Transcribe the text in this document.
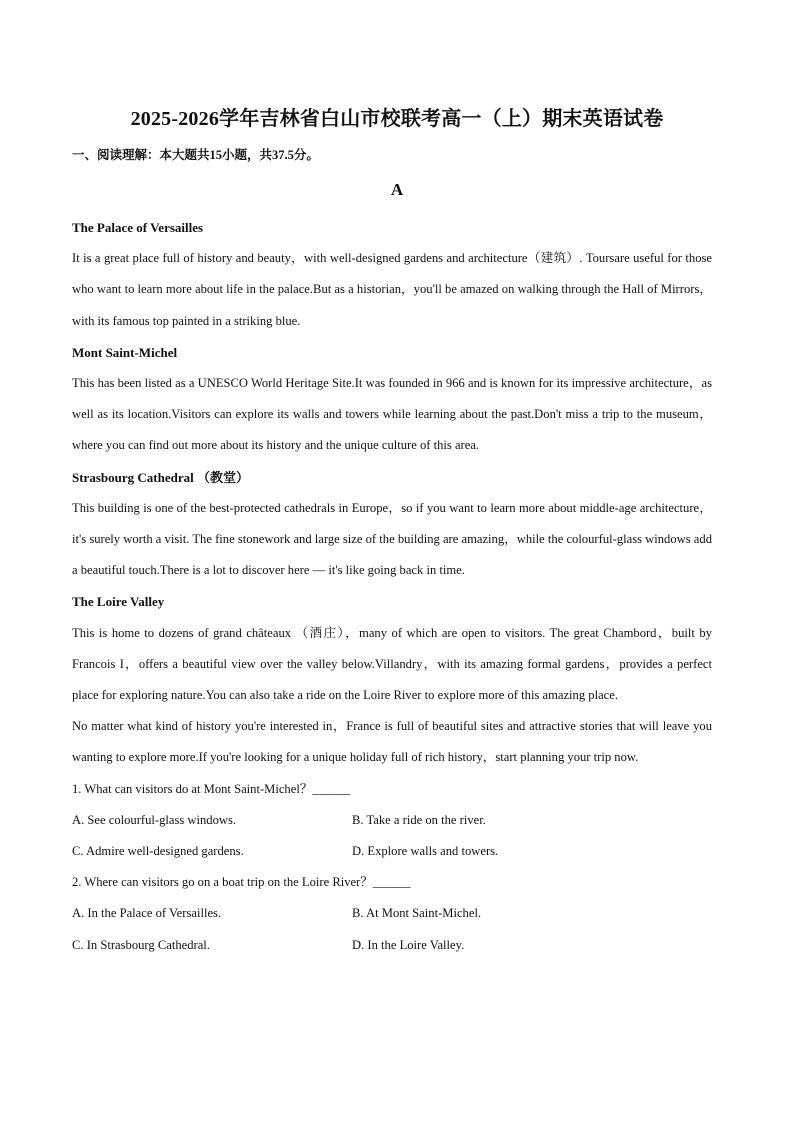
2025-2026学年吉林省白山市校联考高一（上）期末英语试卷
一、阅读理解：本大题共15小题，共37.5分。
A

The Palace of Versailles

It is a great place full of history and beauty，with well-designed gardens and architecture（建筑）. Toursare useful for those who want to learn more about life in the palace.But as a historian，you'll be amazed on walking through the Hall of Mirrors，with its famous top painted in a striking blue.

Mont Saint-Michel

This has been listed as a UNESCO World Heritage Site.It was founded in 966 and is known for its impressive architecture，as well as its location.Visitors can explore its walls and towers while learning about the past.Don't miss a trip to the museum，where you can find out more about its history and the unique culture of this area.

Strasbourg Cathedral （教堂）

This building is one of the best-protected cathedrals in Europe，so if you want to learn more about middle-age architecture，it's surely worth a visit. The fine stonework and large size of the building are amazing，while the colourful-glass windows add a beautiful touch.There is a lot to discover here — it's like going back in time.

The Loire Valley

This is home to dozens of grand châteaux （酒庄），many of which are open to visitors. The great Chambord，built by Francois I，offers a beautiful view over the valley below.Villandry，with its amazing formal gardens，provides a perfect place for exploring nature.You can also take a ride on the Loire River to explore more of this amazing place.

No matter what kind of history you're interested in，France is full of beautiful sites and attractive stories that will leave you wanting to explore more.If you're looking for a unique holiday full of rich history，start planning your trip now.

1. What can visitors do at Mont Saint-Michel？______

A. See colourful-glass windows.	B. Take a ride on the river.
C. Admire well-designed gardens.	D. Explore walls and towers.

2. Where can visitors go on a boat trip on the Loire River？______

A. In the Palace of Versailles.	B. At Mont Saint-Michel.
C. In Strasbourg Cathedral.	D. In the Loire Valley.
